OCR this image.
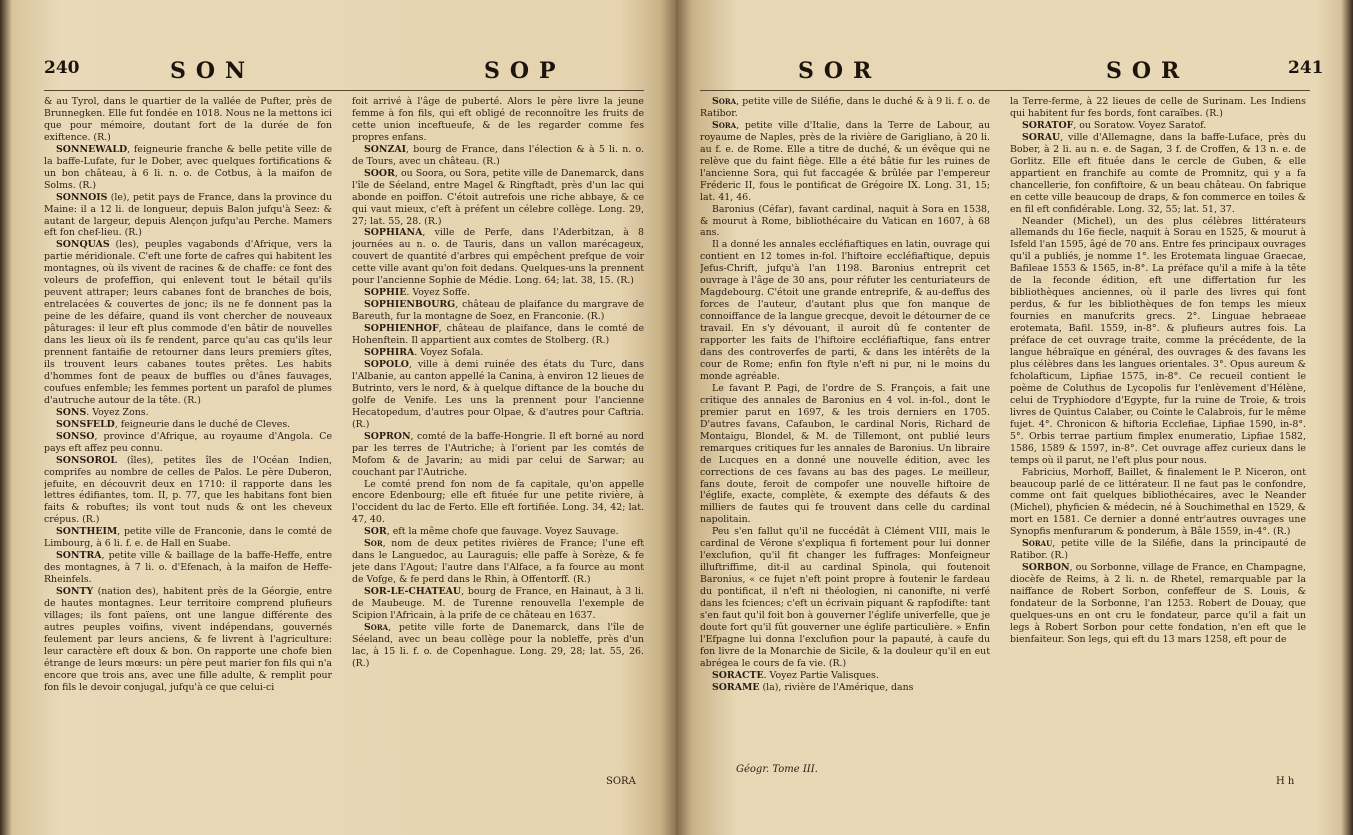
240	SON	SOP

& au Tyrol, dans le quartier de la vallée de Pufter, près de Brunnegken. Elle fut fondée en 1018. Nous ne la mettons ici que pour mémoire, doutant fort de la durée de fon exiftence. (R.)

SONNEWALD, feigneurie franche & belle petite ville de la baffe-Lufate, fur le Dober, avec quelques fortifications & un bon château, à 6 li. n. o. de Cotbus, à la maifon de Solms. (R.)

SONNOIS (le), petit pays de France, dans la province du Maine: il a 12 li. de longueur, depuis Balon jufqu'à Seez: & autant de largeur, depuis Alençon jufqu'au Perche. Mamers eft fon chef-lieu. (R.)

SONQUAS (les), peuples vagabonds d'Afrique, vers la partie méridionale. C'eft une forte de cafres qui habitent les montagnes, où ils vivent de racines & de chaffe: ce font des voleurs de profeffion, qui enlevent tout le bétail qu'ils peuvent attraper; leurs cabanes font de branches de bois, entrelacées & couvertes de jonc; ils ne fe donnent pas la peine de les défaire, quand ils vont chercher de nouveaux pâturages: il leur eft plus commode d'en bâtir de nouvelles dans les lieux où ils fe rendent, parce qu'au cas qu'ils leur prennent fantaifie de retourner dans leurs premiers gîtes, ils trouvent leurs cabanes toutes prêtes. Les habits d'hommes font de peaux de buffles ou d'ânes fauvages, coufues enfemble; les femmes portent un parafol de plumes d'autruche autour de la tête. (R.)

SONS. Voyez Zons.

SONSFELD, feigneurie dans le duché de Cleves.

SONSO, province d'Afrique, au royaume d'Angola. Ce pays eft affez peu connu.

SONSOROL (îles), petites îles de l'Océan Indien, comprifes au nombre de celles de Palos. Le père Duberon, jefuite, en découvrit deux en 1710: il rapporte dans les lettres édifiantes, tom. II, p. 77, que les habitans font bien faits & robuftes; ils vont tout nuds & ont les cheveux crépus. (R.)

SONTHEIM, petite ville de Franconie, dans le comté de Limbourg, à 6 li. f. e. de Hall en Suabe.

SONTRA, petite ville & baillage de la baffe-Heffe, entre des montagnes, à 7 li. o. d'Efenach, à la maifon de Heffe-Rheinfels.

SONTY (nation des), habitent près de la Géorgie, entre de hautes montagnes. Leur territoire comprend plufieurs villages; ils font païens, ont une langue différente des autres peuples voifins, vivent indépendans, gouvernés feulement par leurs anciens, & fe livrent à l'agriculture: leur caractère eft doux & bon. On rapporte une chofe bien étrange de leurs mœurs: un père peut marier fon fils qui n'a encore que trois ans, avec une fille adulte, & remplit pour fon fils le devoir conjugal, jufqu'à ce que celui-ci

foit arrivé à l'âge de puberté. Alors le père livre la jeune femme à fon fils, qui eft obligé de reconnoître les fruits de cette union inceftueufe, & de les regarder comme fes propres enfans.

SONZAI, bourg de France, dans l'élection & à 5 li. n. o. de Tours, avec un château. (R.)

SOOR, ou Soora, ou Sora, petite ville de Danemarck, dans l'île de Séeland, entre Magel & Ringftadt, près d'un lac qui abonde en poiffon. C'étoit autrefois une riche abbaye, & ce qui vaut mieux, c'eft à préfent un célebre collège. Long. 29, 27; lat. 55, 28. (R.)

SOPHIANA, ville de Perfe, dans l'Aderbitzan, à 8 journées au n. o. de Tauris, dans un vallon marécageux, couvert de quantité d'arbres qui empêchent prefque de voir cette ville avant qu'on foit dedans. Quelques-uns la prennent pour l'ancienne Sophie de Médie. Long. 64; lat. 38, 15. (R.)

SOPHIE. Voyez Soffe.

SOPHIENBOURG, château de plaifance du margrave de Bareuth, fur la montagne de Soez, en Franconie. (R.)

SOPHIENHOF, château de plaifance, dans le comté de Hohenftein. Il appartient aux comtes de Stolberg. (R.)

SOPHIRA. Voyez Sofala.

SOPOLO, ville à demi ruinée des états du Turc, dans l'Albanie, au canton appellé la Canina, à environ 12 lieues de Butrinto, vers le nord, & à quelque diftance de la bouche du golfe de Venife. Les uns la prennent pour l'ancienne Hecatopedum, d'autres pour Olpae, & d'autres pour Caftria. (R.)

SOPRON, comté de la baffe-Hongrie. Il eft borné au nord par les terres de l'Autriche; à l'orient par les comtés de Mofom & de Javarin; au midi par celui de Sarwar; au couchant par l'Autriche.

Le comté prend fon nom de fa capitale, qu'on appelle encore Edenbourg; elle eft fituée fur une petite rivière, à l'occident du lac de Ferto. Elle eft fortifiée. Long. 34, 42; lat. 47, 40.

SOR, eft la même chofe que fauvage. Voyez Sauvage.

Sor, nom de deux petites rivières de France; l'une eft dans le Languedoc, au Lauraguis; elle paffe à Sorèze, & fe jete dans l'Agout; l'autre dans l'Alface, a fa fource au mont de Vofge, & fe perd dans le Rhin, à Offentorff. (R.)

SOR-LE-CHATEAU, bourg de France, en Hainaut, à 3 li. de Maubeuge. M. de Turenne renouvella l'exemple de Scipion l'Africain, à la prife de ce château en 1637.

Sora, petite ville forte de Danemarck, dans l'île de Séeland, avec un beau collège pour la nobleffe, près d'un lac, à 15 li. f. o. de Copenhague. Long. 29, 28; lat. 55, 26. (R.)

SORA
SOR	SOR	241

Sora, petite ville de Siléfie, dans le duché & à 9 li. f. o. de Ratibor.

Sora, petite ville d'Italie, dans la Terre de Labour, au royaume de Naples, près de la rivière de Garigliano, à 20 li. au f. e. de Rome. Elle a titre de duché, & un évêque qui ne relève que du faint fiège. Elle a été bâtie fur les ruines de l'ancienne Sora, qui fut faccagée & brûlée par l'empereur Fréderic II, fous le pontificat de Grégoire IX. Long. 31, 15; lat. 41, 46.

Baronius (Céfar), favant cardinal, naquit à Sora en 1538, & mourut à Rome, bibliothécaire du Vatican en 1607, à 68 ans.

Il a donné les annales eccléfiaftiques en latin, ouvrage qui contient en 12 tomes in-fol. l'hiftoire eccléfiaftique, depuis Jefus-Chrift, jufqu'à l'an 1198. Baronius entreprit cet ouvrage à l'âge de 30 ans, pour réfuter les centuriateurs de Magdebourg. C'étoit une grande entreprife, & au-deffus des forces de l'auteur, d'autant plus que fon manque de connoiffance de la langue grecque, devoit le détourner de ce travail. En s'y dévouant, il auroit dû fe contenter de rapporter les faits de l'hiftoire eccléfiaftique, fans entrer dans des controverfes de parti, & dans les intérêts de la cour de Rome; enfin fon ftyle n'eft ni pur, ni le moins du monde agréable.

Le favant P. Pagi, de l'ordre de S. François, a fait une critique des annales de Baronius en 4 vol. in-fol., dont le premier parut en 1697, & les trois derniers en 1705. D'autres favans, Cafaubon, le cardinal Noris, Richard de Montaigu, Blondel, & M. de Tillemont, ont publié leurs remarques critiques fur les annales de Baronius. Un libraire de Lucques en a donné une nouvelle édition, avec les corrections de ces favans au bas des pages. Le meilleur, fans doute, feroit de compofer une nouvelle hiftoire de l'églife, exacte, complète, & exempte des défauts & des milliers de fautes qui fe trouvent dans celle du cardinal napolitain.

Peu s'en fallut qu'il ne fuccédât à Clément VIII, mais le cardinal de Vérone s'expliqua fi fortement pour lui donner l'exclufion, qu'il fit changer les fuffrages: Monfeigneur illuftriffime, dit-il au cardinal Spinola, qui foutenoit Baronius, « ce fujet n'eft point propre à foutenir le fardeau du pontificat, il n'eft ni théologien, ni canonifte, ni verfé dans les fciences; c'eft un écrivain piquant & rapfodifte: tant s'en faut qu'il foit bon à gouverner l'églife univerfelle, que je doute fort qu'il fût gouverner une églife particulière. » Enfin l'Efpagne lui donna l'exclufion pour la papauté, à caufe du fon livre de la Monarchie de Sicile, & la douleur qu'il en eut abrégea le cours de fa vie. (R.)

SORACTE. Voyez Partie Valisques.

SORAME (la), rivière de l'Amérique, dans

Géogr. Tome III.

la Terre-ferme, à 22 lieues de celle de Surinam. Les Indiens qui habitent fur fes bords, font caraïbes. (R.)

SORATOF, ou Soratow. Voyez Saratof.

SORAU, ville d'Allemagne, dans la baffe-Luface, près du Bober, à 2 li. au n. e. de Sagan, 3 f. de Croffen, & 13 n. e. de Gorlitz. Elle eft fituée dans le cercle de Guben, & elle appartient en franchife au comte de Promnitz, qui y a fa chancellerie, fon confiftoire, & un beau château. On fabrique en cette ville beaucoup de draps, & fon commerce en toiles & en fil eft confidérable. Long. 32, 55; lat. 51, 37.

Neander (Michel), un des plus célèbres littérateurs allemands du 16e fiecle, naquit à Sorau en 1525, & mourut à Isfeld l'an 1595, âgé de 70 ans. Entre fes principaux ouvrages qu'il a publiés, je nomme 1°. les Erotemata linguae Graecae, Bafileae 1553 & 1565, in-8°. La préface qu'il a mife à la tête de la feconde édition, eft une differtation fur les bibliothèques anciennes, où il parle des livres qui font perdus, & fur les bibliothèques de fon temps les mieux fournies en manufcrits grecs. 2°. Linguae hebraeae erotemata, Bafil. 1559, in-8°. & plufieurs autres fois. La préface de cet ouvrage traite, comme la précédente, de la langue hébraïque en général, des ouvrages & des favans les plus célèbres dans les langues orientales. 3°. Opus aureum & fcholafticum, Lipfiae 1575, in-8°. Ce recueil contient le poème de Coluthus de Lycopolis fur l'enlèvement d'Hélène, celui de Tryphiodore d'Egypte, fur la ruine de Troie, & trois livres de Quintus Calaber, ou Cointe le Calabrois, fur le même fujet. 4°. Chronicon & hiftoria Ecclefiae, Lipfiae 1590, in-8°. 5°. Orbis terrae partium fimplex enumeratio, Lipfiae 1582, 1586, 1589 & 1597, in-8°. Cet ouvrage affez curieux dans le temps où il parut, ne l'eft plus pour nous.

Fabricius, Morhoff, Baillet, & finalement le P. Niceron, ont beaucoup parlé de ce littérateur. Il ne faut pas le confondre, comme ont fait quelques bibliothécaires, avec le Neander (Michel), phyficien & médecin, né à Souchimethal en 1529, & mort en 1581. Ce dernier a donné entr'autres ouvrages une Synopfis menfurarum & ponderum, à Bâle 1559, in-4°. (R.)

Sorau, petite ville de la Siléfie, dans la principauté de Ratibor. (R.)

SORBON, ou Sorbonne, village de France, en Champagne, diocèfe de Reims, à 2 li. n. de Rhetel, remarquable par la naiffance de Robert Sorbon, confeffeur de S. Louis, & fondateur de la Sorbonne, l'an 1253. Robert de Douay, que quelques-uns en ont cru le fondateur, parce qu'il a fait un legs à Robert Sorbon pour cette fondation, n'en eft que le bienfaiteur. Son legs, qui eft du 13 mars 1258, eft pour de

H h
